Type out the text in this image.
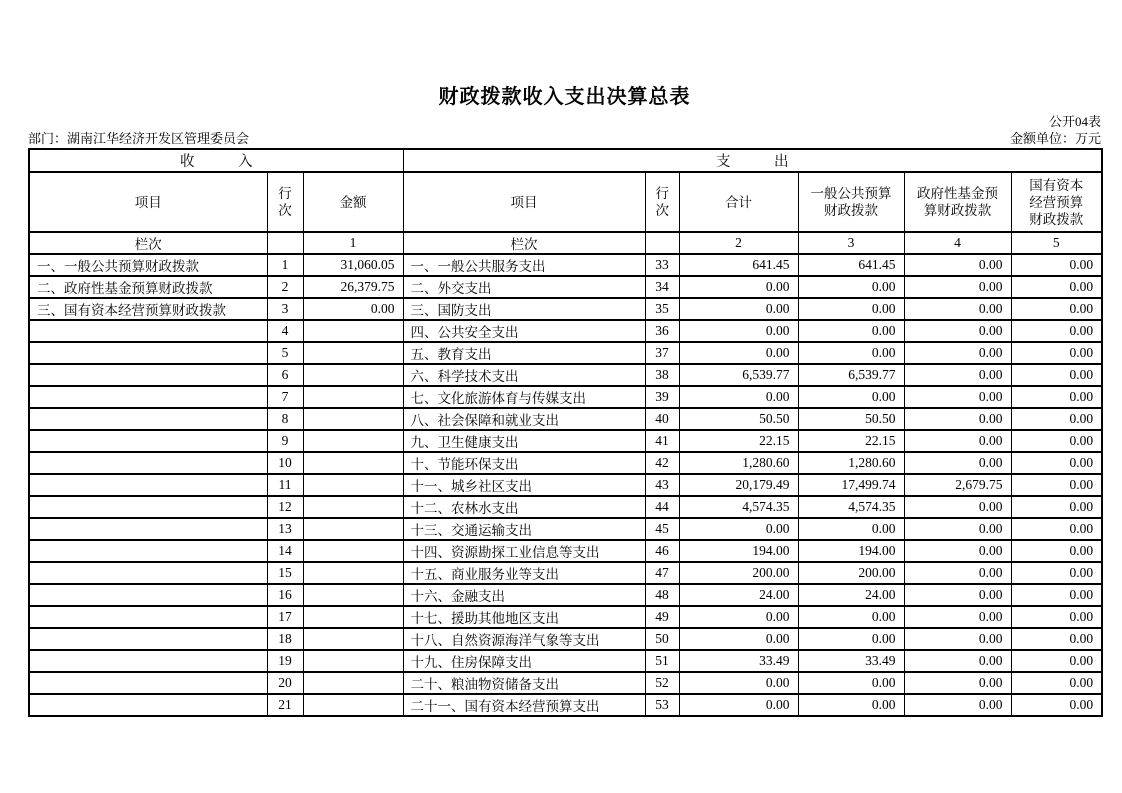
财政拨款收入支出决算总表
公开04表
部门：湖南江华经济开发区管理委员会	金额单位：万元
收入			支出					
项目	行次	金额	项目	行次	合计	一般公共预算财政拨款	政府性基金预算财政拨款	国有资本经营预算财政拨款
栏次		1	栏次		2	3	4	5
一、一般公共预算财政拨款	1	31,060.05	一、一般公共服务支出	33	641.45	641.45	0.00	0.00
二、政府性基金预算财政拨款	2	26,379.75	二、外交支出	34	0.00	0.00	0.00	0.00
三、国有资本经营预算财政拨款	3	0.00	三、国防支出	35	0.00	0.00	0.00	0.00
	4		四、公共安全支出	36	0.00	0.00	0.00	0.00
	5		五、教育支出	37	0.00	0.00	0.00	0.00
	6		六、科学技术支出	38	6,539.77	6,539.77	0.00	0.00
	7		七、文化旅游体育与传媒支出	39	0.00	0.00	0.00	0.00
	8		八、社会保障和就业支出	40	50.50	50.50	0.00	0.00
	9		九、卫生健康支出	41	22.15	22.15	0.00	0.00
	10		十、节能环保支出	42	1,280.60	1,280.60	0.00	0.00
	11		十一、城乡社区支出	43	20,179.49	17,499.74	2,679.75	0.00
	12		十二、农林水支出	44	4,574.35	4,574.35	0.00	0.00
	13		十三、交通运输支出	45	0.00	0.00	0.00	0.00
	14		十四、资源勘探工业信息等支出	46	194.00	194.00	0.00	0.00
	15		十五、商业服务业等支出	47	200.00	200.00	0.00	0.00
	16		十六、金融支出	48	24.00	24.00	0.00	0.00
	17		十七、援助其他地区支出	49	0.00	0.00	0.00	0.00
	18		十八、自然资源海洋气象等支出	50	0.00	0.00	0.00	0.00
	19		十九、住房保障支出	51	33.49	33.49	0.00	0.00
	20		二十、粮油物资储备支出	52	0.00	0.00	0.00	0.00
	21		二十一、国有资本经营预算支出	53	0.00	0.00	0.00	0.00
